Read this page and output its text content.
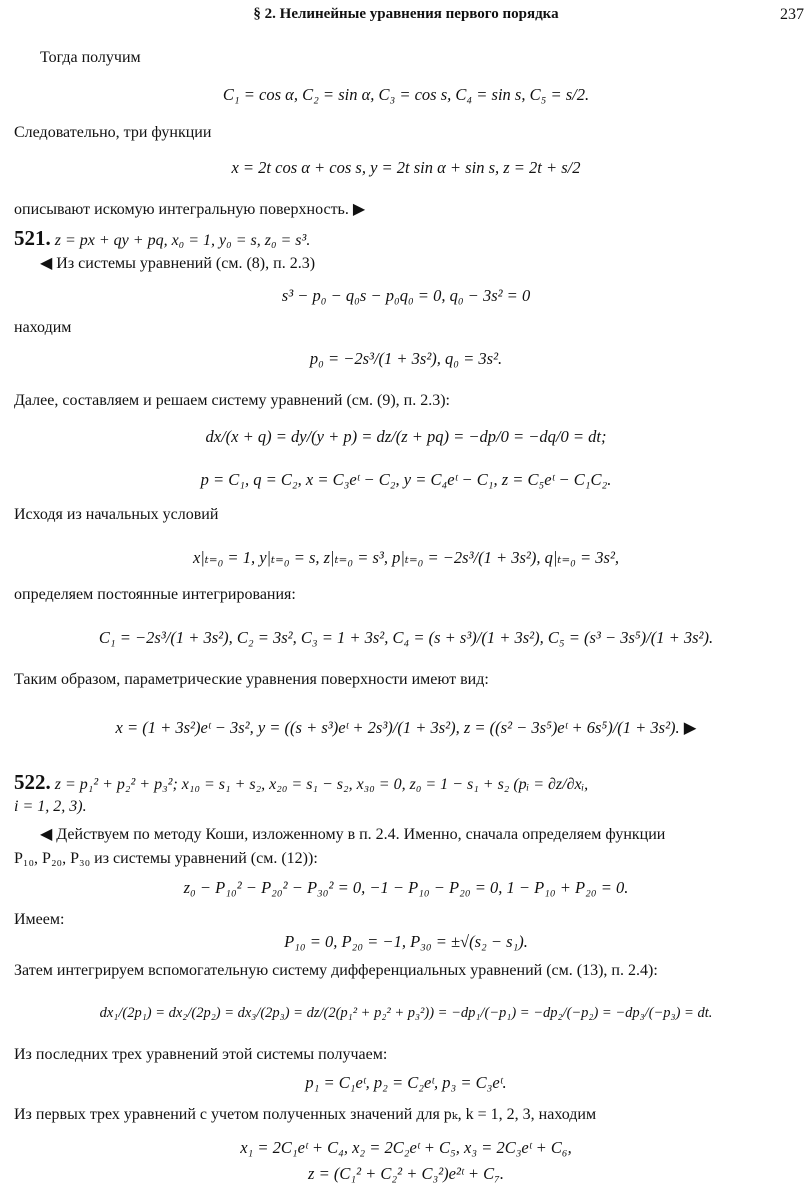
§ 2. Нелинейные уравнения первого порядка	237
Тогда получим
C₁ = cos α, C₂ = sin α, C₃ = cos s, C₄ = sin s, C₅ = s/2.
Следовательно, три функции
x = 2t cos α + cos s, y = 2t sin α + sin s, z = 2t + s/2
описывают искомую интегральную поверхность. ▶
521. z = px + qy + pq, x₀ = 1, y₀ = s, z₀ = s³.
◀ Из системы уравнений (см. (8), п. 2.3)
s³ − p₀ − q₀s − p₀q₀ = 0, q₀ − 3s² = 0
находим
p₀ = −2s³/(1 + 3s²), q₀ = 3s².
Далее, составляем и решаем систему уравнений (см. (9), п. 2.3):
dx/(x + q) = dy/(y + p) = dz/(z + pq) = −dp/0 = −dq/0 = dt;
p = C₁, q = C₂, x = C₃eᵗ − C₂, y = C₄eᵗ − C₁, z = C₅eᵗ − C₁C₂.
Исходя из начальных условий
x|ₜ₌₀ = 1, y|ₜ₌₀ = s, z|ₜ₌₀ = s³, p|ₜ₌₀ = −2s³/(1 + 3s²), q|ₜ₌₀ = 3s²,
определяем постоянные интегрирования:
C₁ = −2s³/(1 + 3s²), C₂ = 3s², C₃ = 1 + 3s², C₄ = (s + s³)/(1 + 3s²), C₅ = (s³ − 3s⁵)/(1 + 3s²).
Таким образом, параметрические уравнения поверхности имеют вид:
x = (1 + 3s²)eᵗ − 3s², y = ((s + s³)eᵗ + 2s³)/(1 + 3s²), z = ((s² − 3s⁵)eᵗ + 6s⁵)/(1 + 3s²). ▶
522. z = p₁² + p₂² + p₃²; x₁₀ = s₁ + s₂, x₂₀ = s₁ − s₂, x₃₀ = 0, z₀ = 1 − s₁ + s₂ (pᵢ = ∂z/∂xᵢ,
i = 1, 2, 3).
◀ Действуем по методу Коши, изложенному в п. 2.4. Именно, сначала определяем функции
P₁₀, P₂₀, P₃₀ из системы уравнений (см. (12)):
z₀ − P₁₀² − P₂₀² − P₃₀² = 0, −1 − P₁₀ − P₂₀ = 0, 1 − P₁₀ + P₂₀ = 0.
Имеем:
P₁₀ = 0, P₂₀ = −1, P₃₀ = ±√(s₂ − s₁).
Затем интегрируем вспомогательную систему дифференциальных уравнений (см. (13), п. 2.4):
dx₁/(2p₁) = dx₂/(2p₂) = dx₃/(2p₃) = dz/(2(p₁² + p₂² + p₃²)) = −dp₁/(−p₁) = −dp₂/(−p₂) = −dp₃/(−p₃) = dt.
Из последних трех уравнений этой системы получаем:
p₁ = C₁eᵗ, p₂ = C₂eᵗ, p₃ = C₃eᵗ.
Из первых трех уравнений с учетом полученных значений для pₖ, k = 1, 2, 3, находим
x₁ = 2C₁eᵗ + C₄, x₂ = 2C₂eᵗ + C₅, x₃ = 2C₃eᵗ + C₆,
z = (C₁² + C₂² + C₃²)e²ᵗ + C₇.
